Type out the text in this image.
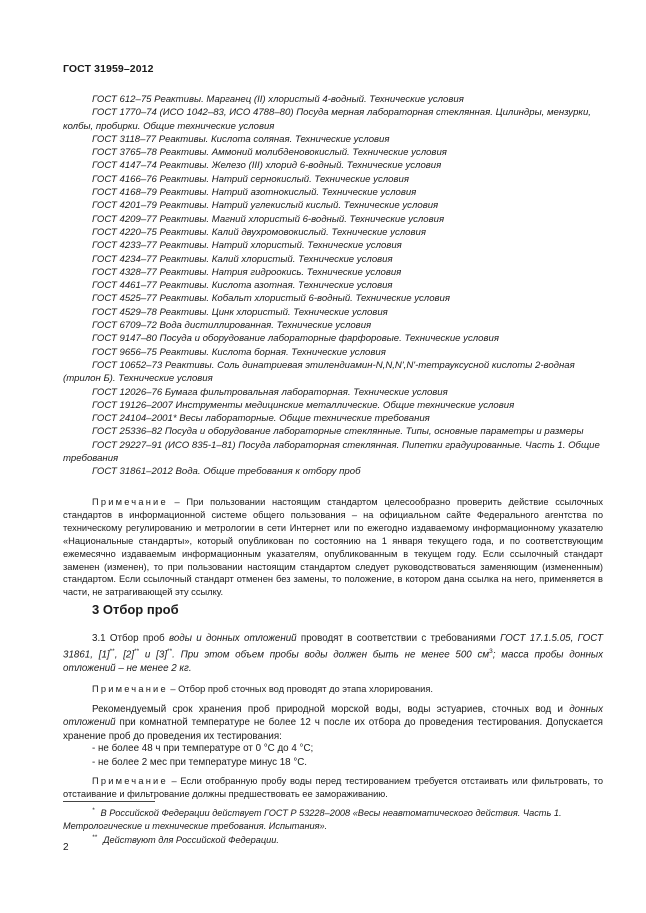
ГОСТ 31959–2012

ГОСТ 612–75 Реактивы. Марганец (II) хлористый 4-водный. Технические условия

ГОСТ 1770–74 (ИСО 1042–83, ИСО 4788–80) Посуда мерная лабораторная стеклянная. Цилиндры, мензурки, колбы, пробирки. Общие технические условия

ГОСТ 3118–77 Реактивы. Кислота соляная. Технические условия

ГОСТ 3765–78 Реактивы. Аммоний молибденовокислый. Технические условия

ГОСТ 4147–74 Реактивы. Железо (III) хлорид 6-водный. Технические условия

ГОСТ 4166–76 Реактивы. Натрий сернокислый. Технические условия

ГОСТ 4168–79 Реактивы. Натрий азотнокислый. Технические условия

ГОСТ 4201–79 Реактивы. Натрий углекислый кислый. Технические условия

ГОСТ 4209–77 Реактивы. Магний хлористый 6-водный. Технические условия

ГОСТ 4220–75 Реактивы. Калий двухромовокислый. Технические условия

ГОСТ 4233–77 Реактивы. Натрий хлористый. Технические условия

ГОСТ 4234–77 Реактивы. Калий хлористый. Технические условия

ГОСТ 4328–77 Реактивы. Натрия гидроокись. Технические условия

ГОСТ 4461–77 Реактивы. Кислота азотная. Технические условия

ГОСТ 4525–77 Реактивы. Кобальт хлористый 6-водный. Технические условия

ГОСТ 4529–78 Реактивы. Цинк хлористый. Технические условия

ГОСТ 6709–72 Вода дистиллированная. Технические условия

ГОСТ 9147–80 Посуда и оборудование лабораторные фарфоровые. Технические условия

ГОСТ 9656–75 Реактивы. Кислота борная. Технические условия

ГОСТ 10652–73 Реактивы. Соль динатриевая этилендиамин-N,N,N',N'-тетрауксусной кислоты 2-водная (трилон Б). Технические условия

ГОСТ 12026–76 Бумага фильтровальная лабораторная. Технические условия

ГОСТ 19126–2007 Инструменты медицинские металлические. Общие технические условия

ГОСТ 24104–2001* Весы лабораторные. Общие технические требования

ГОСТ 25336–82 Посуда и оборудование лабораторные стеклянные. Типы, основные параметры и размеры

ГОСТ 29227–91 (ИСО 835-1–81) Посуда лабораторная стеклянная. Пипетки градуированные. Часть 1. Общие требования

ГОСТ 31861–2012 Вода. Общие требования к отбору проб

Примечание – При пользовании настоящим стандартом целесообразно проверить действие ссылочных стандартов в информационной системе общего пользования – на официальном сайте Федерального агентства по техническому регулированию и метрологии в сети Интернет или по ежегодно издаваемому информационному указателю «Национальные стандарты», который опубликован по состоянию на 1 января текущего года, и по соответствующим ежемесячно издаваемым информационным указателям, опубликованным в текущем году. Если ссылочный стандарт заменен (изменен), то при пользовании настоящим стандартом следует руководствоваться заменяющим (измененным) стандартом. Если ссылочный стандарт отменен без замены, то положение, в котором дана ссылка на него, применяется в части, не затрагивающей эту ссылку.
3 Отбор проб
3.1 Отбор проб воды и донных отложений проводят в соответствии с требованиями ГОСТ 17.1.5.05, ГОСТ 31861, [1]**, [2]** и [3]**. При этом объем пробы воды должен быть не менее 500 $см^3$; масса пробы донных отложений – не менее 2 кг.
Примечание – Отбор проб сточных вод проводят до этапа хлорирования.
Рекомендуемый срок хранения проб природной морской воды, воды эстуариев, сточных вод и донных отложений при комнатной температуре не более 12 ч после их отбора до проведения тестирования. Допускается хранение проб до проведения их тестирования:
- не более 48 ч при температуре от 0 °С до 4 °С;
- не более 2 мес при температуре минус 18 °С.
Примечание – Если отобранную пробу воды перед тестированием требуется отстаивать или фильтровать, то отстаивание и фильтрование должны предшествовать ее замораживанию.

* В Российской Федерации действует ГОСТ Р 53228–2008 «Весы неавтоматического действия. Часть 1. Метрологические и технические требования. Испытания».

** Действуют для Российской Федерации.

2
